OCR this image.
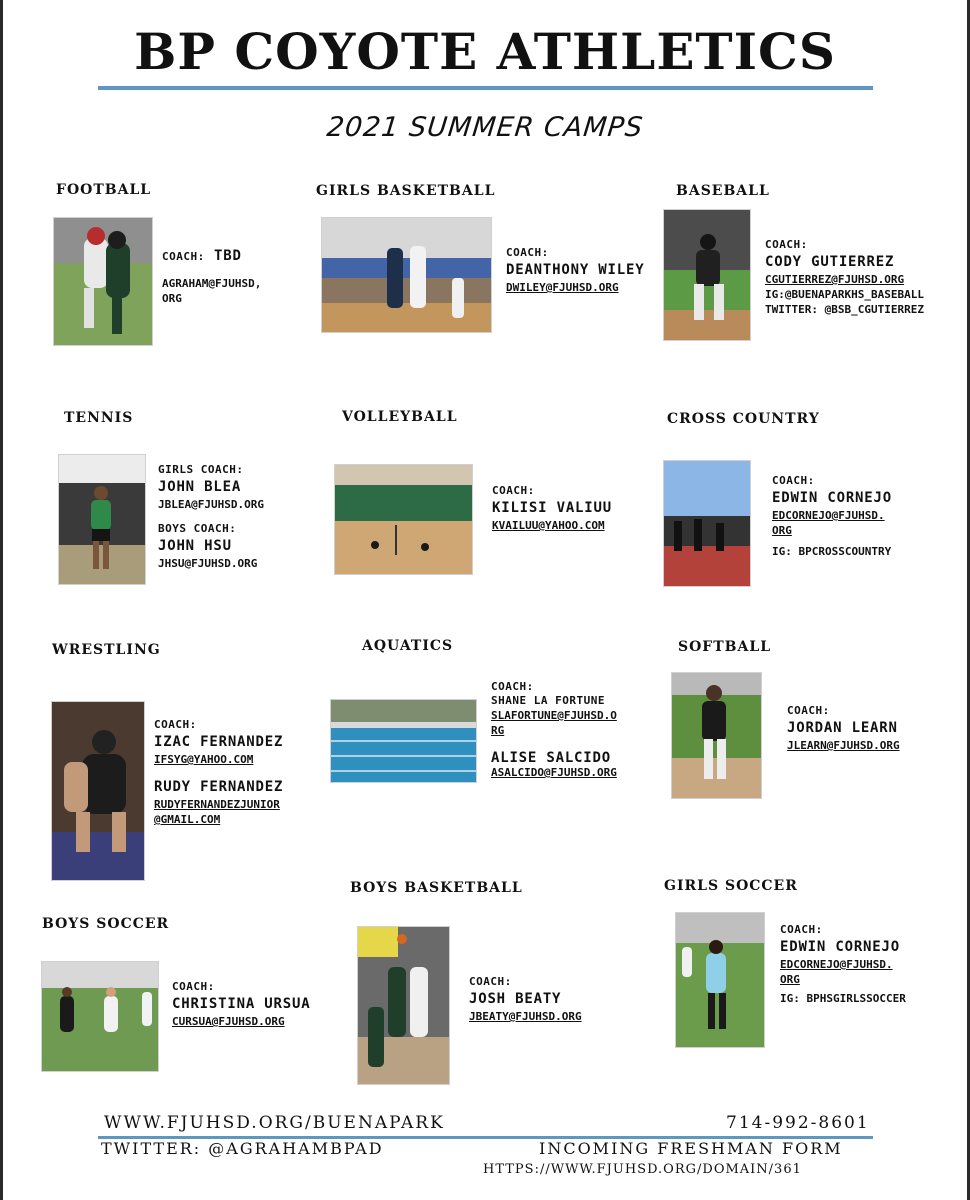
BP COYOTE ATHLETICS
2021 SUMMER CAMPS
FOOTBALL
COACH: TBD
AGRAHAM@FJUHSD,
ORG
GIRLS BASKETBALL
COACH:
DEANTHONY WILEY
DWILEY@FJUHSD.ORG
BASEBALL
COACH:
CODY GUTIERREZ
CGUTIERREZ@FJUHSD.ORG
IG:@BUENAPARKHS_BASEBALL
TWITTER: @BSB_CGUTIERREZ
TENNIS
GIRLS COACH:
JOHN BLEA
JBLEA@FJUHSD.ORG
BOYS COACH:
JOHN HSU
JHSU@FJUHSD.ORG
VOLLEYBALL
COACH:
KILISI VALIUU
KVAILUU@YAHOO.COM
CROSS COUNTRY
COACH:
EDWIN CORNEJO
EDCORNEJO@FJUHSD.
ORG
IG: BPCROSSCOUNTRY
WRESTLING
COACH:
IZAC FERNANDEZ
IFSYG@YAHOO.COM
RUDY FERNANDEZ
RUDYFERNANDEZJUNIOR
@GMAIL.COM
AQUATICS
COACH:
SHANE LA FORTUNE
SLAFORTUNE@FJUHSD.O
RG
ALISE SALCIDO
ASALCIDO@FJUHSD.ORG
SOFTBALL
COACH:
JORDAN LEARN
JLEARN@FJUHSD.ORG
BOYS SOCCER
COACH:
CHRISTINA URSUA
CURSUA@FJUHSD.ORG
BOYS BASKETBALL
COACH:
JOSH BEATY
JBEATY@FJUHSD.ORG
GIRLS SOCCER
COACH:
EDWIN CORNEJO
EDCORNEJO@FJUHSD.
ORG
IG: BPHSGIRLSSOCCER
WWW.FJUHSD.ORG/BUENAPARK	714-992-8601
TWITTER: @AGRAHAMBPAD	INCOMING FRESHMAN FORM
HTTPS://WWW.FJUHSD.ORG/DOMAIN/361
